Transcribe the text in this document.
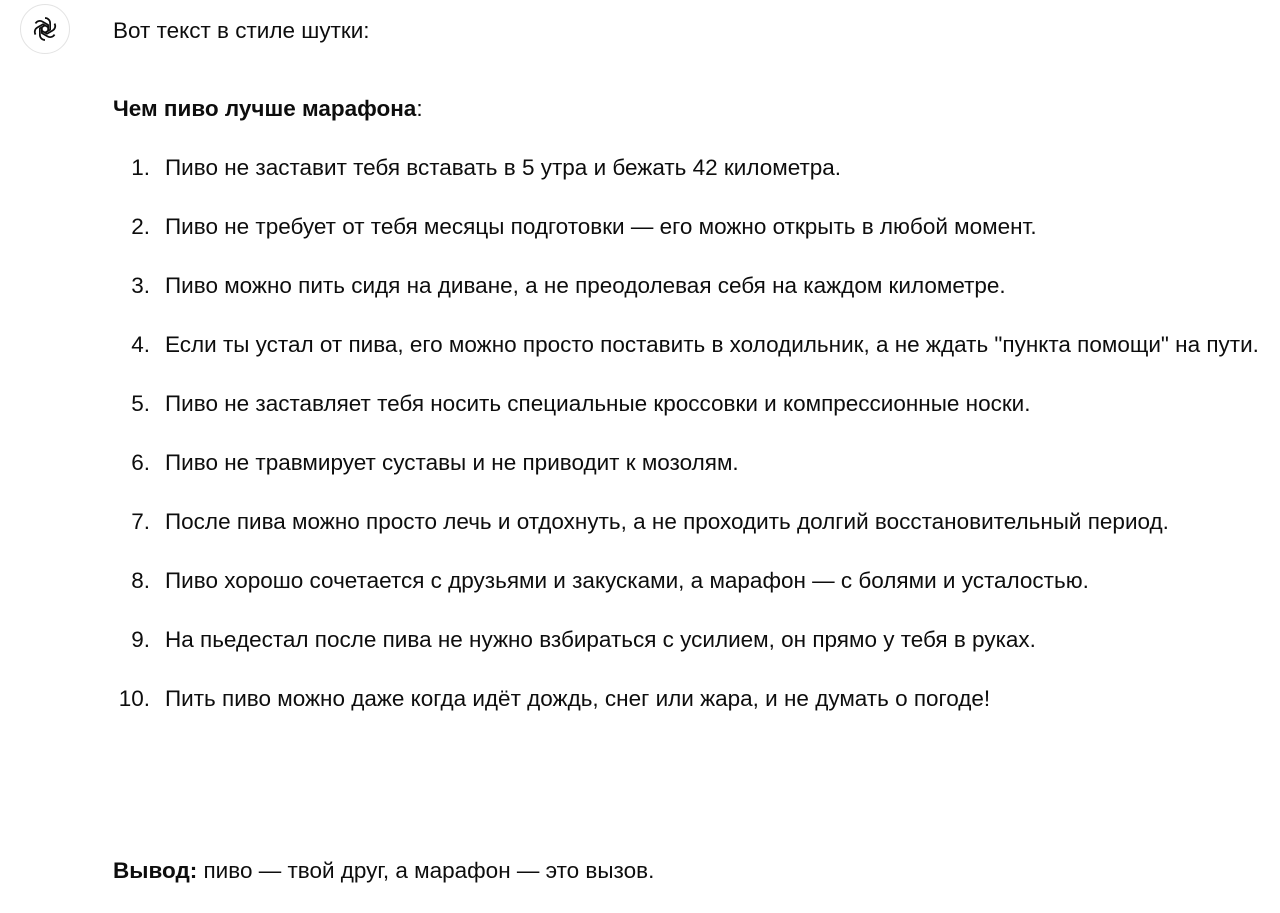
Вот текст в стиле шутки:
Чем пиво лучше марафона:
1. Пиво не заставит тебя вставать в 5 утра и бежать 42 километра.
2. Пиво не требует от тебя месяцы подготовки — его можно открыть в любой момент.
3. Пиво можно пить сидя на диване, а не преодолевая себя на каждом километре.
4. Если ты устал от пива, его можно просто поставить в холодильник, а не ждать "пункта помощи" на пути.
5. Пиво не заставляет тебя носить специальные кроссовки и компрессионные носки.
6. Пиво не травмирует суставы и не приводит к мозолям.
7. После пива можно просто лечь и отдохнуть, а не проходить долгий восстановительный период.
8. Пиво хорошо сочетается с друзьями и закусками, а марафон — с болями и усталостью.
9. На пьедестал после пива не нужно взбираться с усилием, он прямо у тебя в руках.
10. Пить пиво можно даже когда идёт дождь, снег или жара, и не думать о погоде!
Вывод: пиво — твой друг, а марафон — это вызов.
